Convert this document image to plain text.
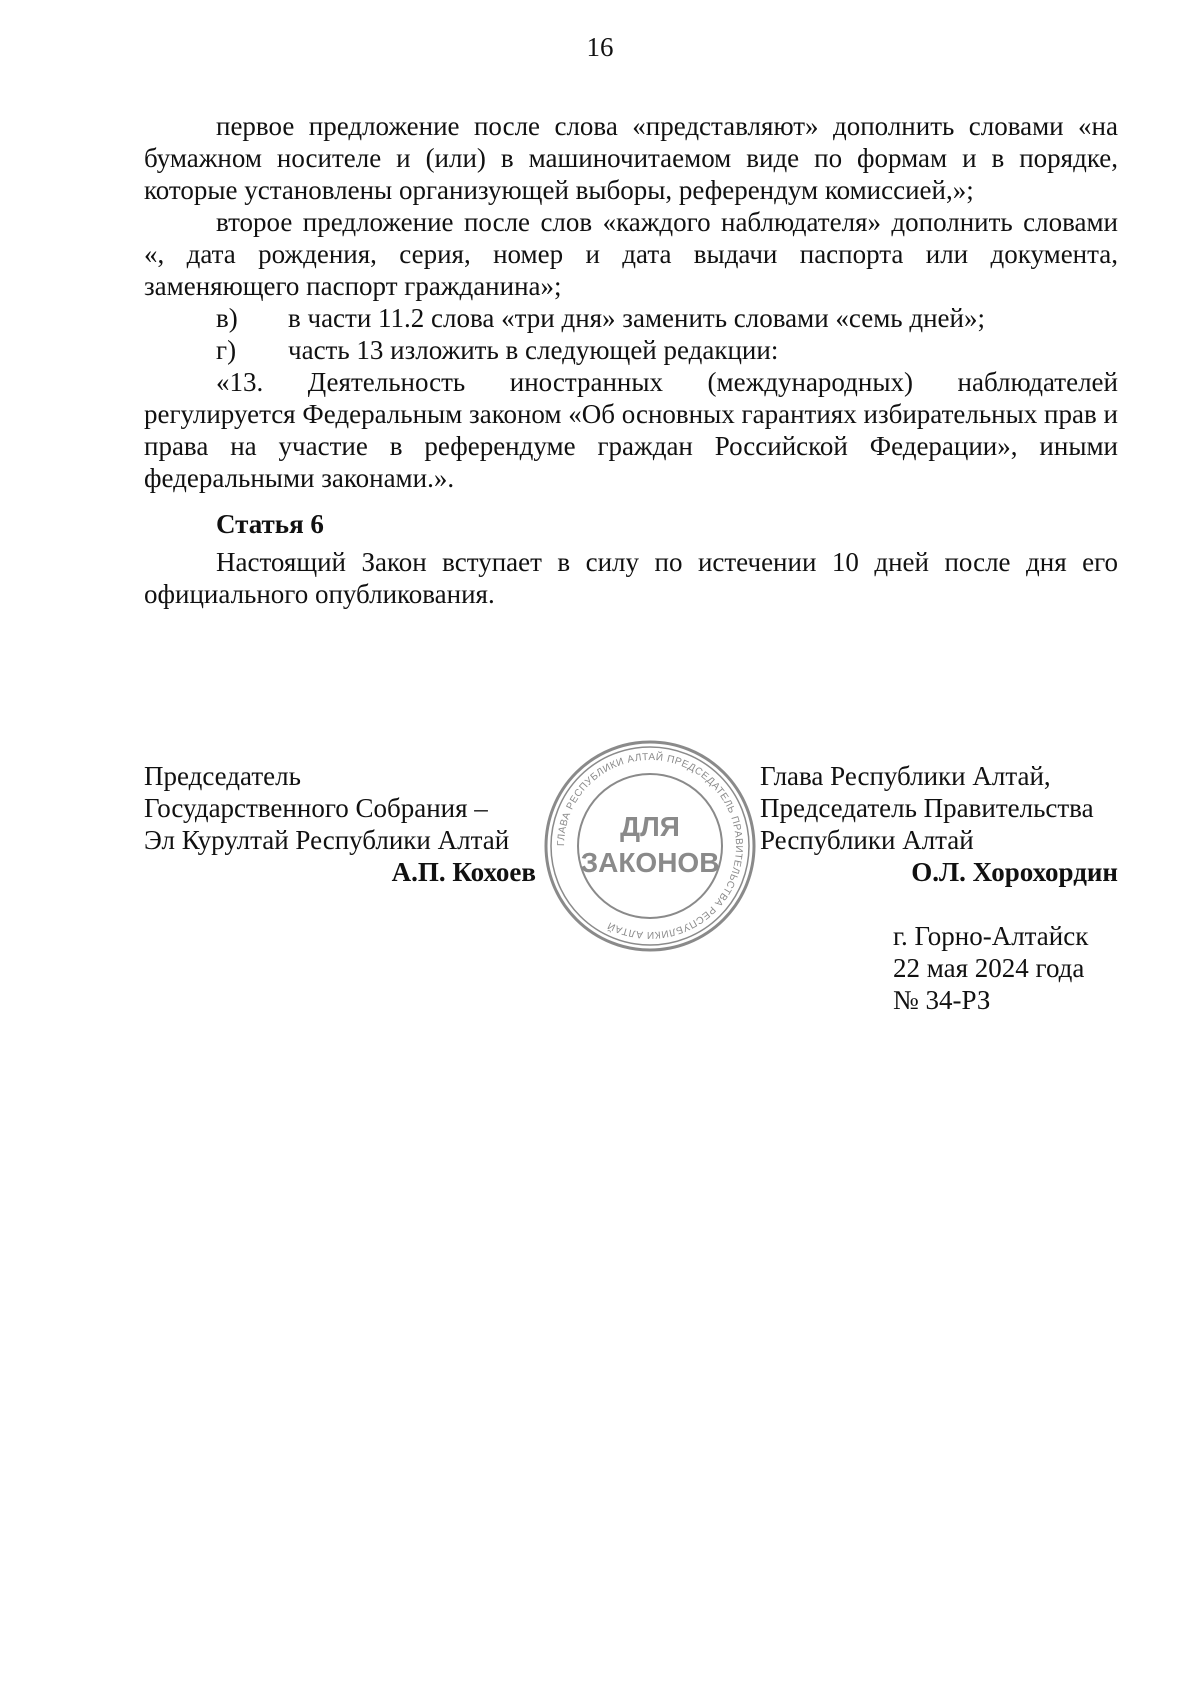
16

первое предложение после слова «представляют» дополнить словами «на бумажном носителе и (или) в машиночитаемом виде по формам и в порядке, которые установлены организующей выборы, референдум комиссией,»;

второе предложение после слов «каждого наблюдателя» дополнить словами «, дата рождения, серия, номер и дата выдачи паспорта или документа, заменяющего паспорт гражданина»;

в)	в части 11.2 слова «три дня» заменить словами «семь дней»;
г)	часть 13 изложить в следующей редакции:

«13. Деятельность иностранных (международных) наблюдателей регулируется Федеральным законом «Об основных гарантиях избирательных прав и права на участие в референдуме граждан Российской Федерации», иными федеральными законами.».

Статья 6

Настоящий Закон вступает в силу по истечении 10 дней после дня его официального опубликования.

Председатель
Государственного Собрания –
Эл Курултай Республики Алтай
А.П. Кохоев
ГЛАВА РЕСПУБЛИКИ АЛТАЙ ПРЕДСЕДАТЕЛЬ ПРАВИТЕЛЬСТВА РЕСПУБЛИКИ АЛТАЙ
ДЛЯ
ЗАКОНОВ
Глава Республики Алтай,
Председатель Правительства
Республики Алтай
О.Л. Хорохордин
г. Горно-Алтайск
22 мая 2024 года
№ 34-РЗ
